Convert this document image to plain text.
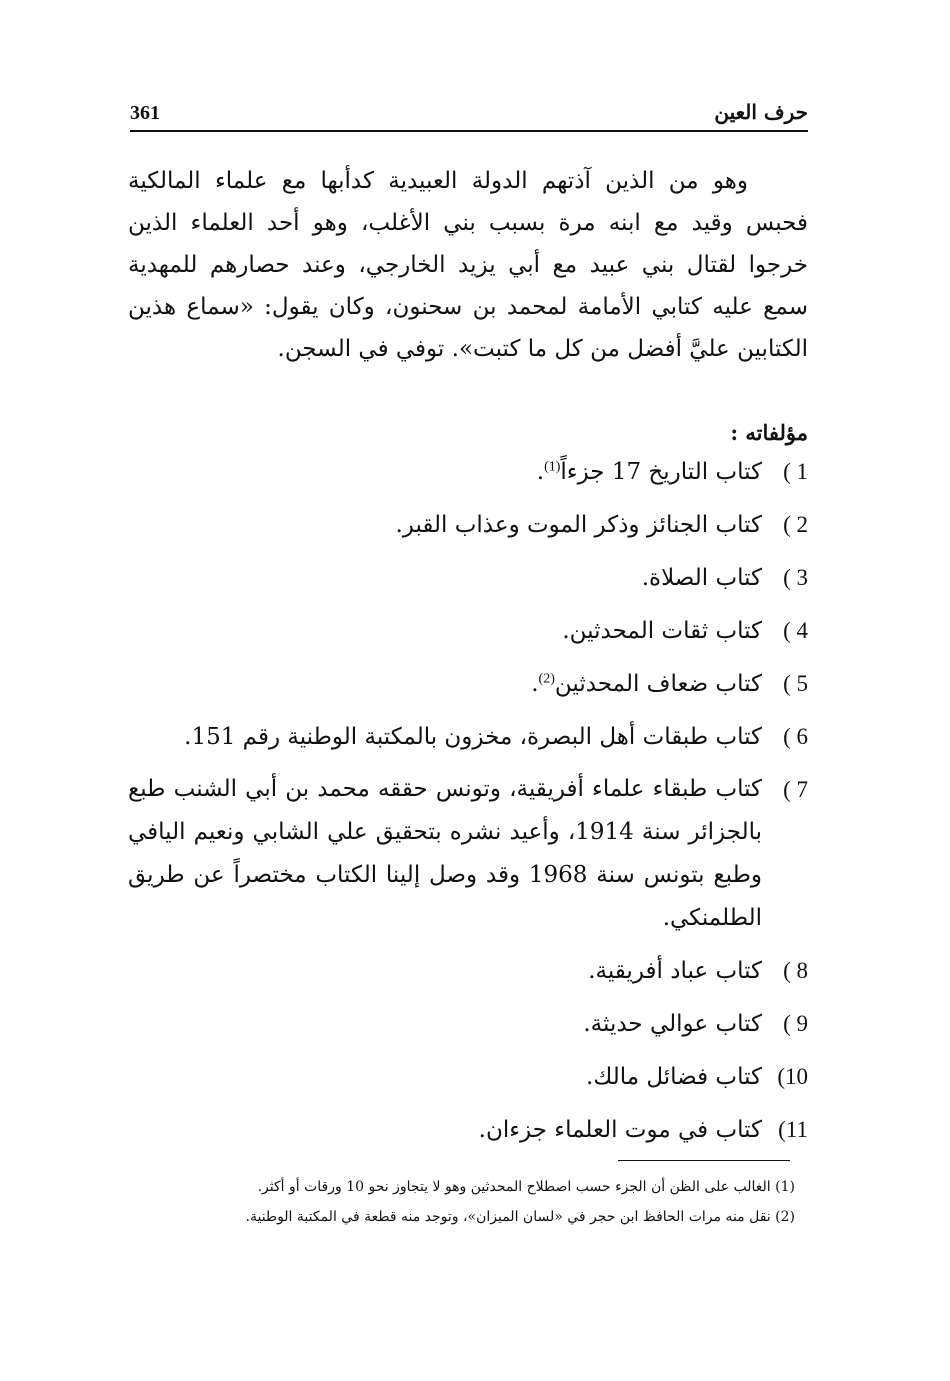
361	حرف العين

وهو من الذين آذتهم الدولة العبيدية كدأبها مع علماء المالكية فحبس وقيد مع ابنه مرة بسبب بني الأغلب، وهو أحد العلماء الذين خرجوا لقتال بني عبيد مع أبي يزيد الخارجي، وعند حصارهم للمهدية سمع عليه كتابي الأمامة لمحمد بن سحنون، وكان يقول: «سماع هذين الكتابين عليَّ أفضل من كل ما كتبت». توفي في السجن.

مؤلفاته :
1 )
كتاب التاريخ 17 جزءاً$^{(1)}$.
2 )
كتاب الجنائز وذكر الموت وعذاب القبر.
3 )
كتاب الصلاة.
4 )
كتاب ثقات المحدثين.
5 )
كتاب ضعاف المحدثين$^{(2)}$.
6 )
كتاب طبقات أهل البصرة، مخزون بالمكتبة الوطنية رقم 151.
7 )
كتاب طبقاء علماء أفريقية، وتونس حققه محمد بن أبي الشنب طبع بالجزائر سنة 1914، وأعيد نشره بتحقيق علي الشابي ونعيم اليافي وطبع بتونس سنة 1968 وقد وصل إلينا الكتاب مختصراً عن طريق الطلمنكي.
8 )
كتاب عباد أفريقية.
9 )
كتاب عوالي حديثة.
10)
كتاب فضائل مالك.
11)
كتاب في موت العلماء جزءان.
(1) الغالب على الظن أن الجزء حسب اصطلاح المحدثين وهو لا يتجاوز نحو 10 ورقات أو أكثر.
(2) نقل منه مرات الحافظ ابن حجر في «لسان الميزان»، وتوجد منه قطعة في المكتبة الوطنية.
